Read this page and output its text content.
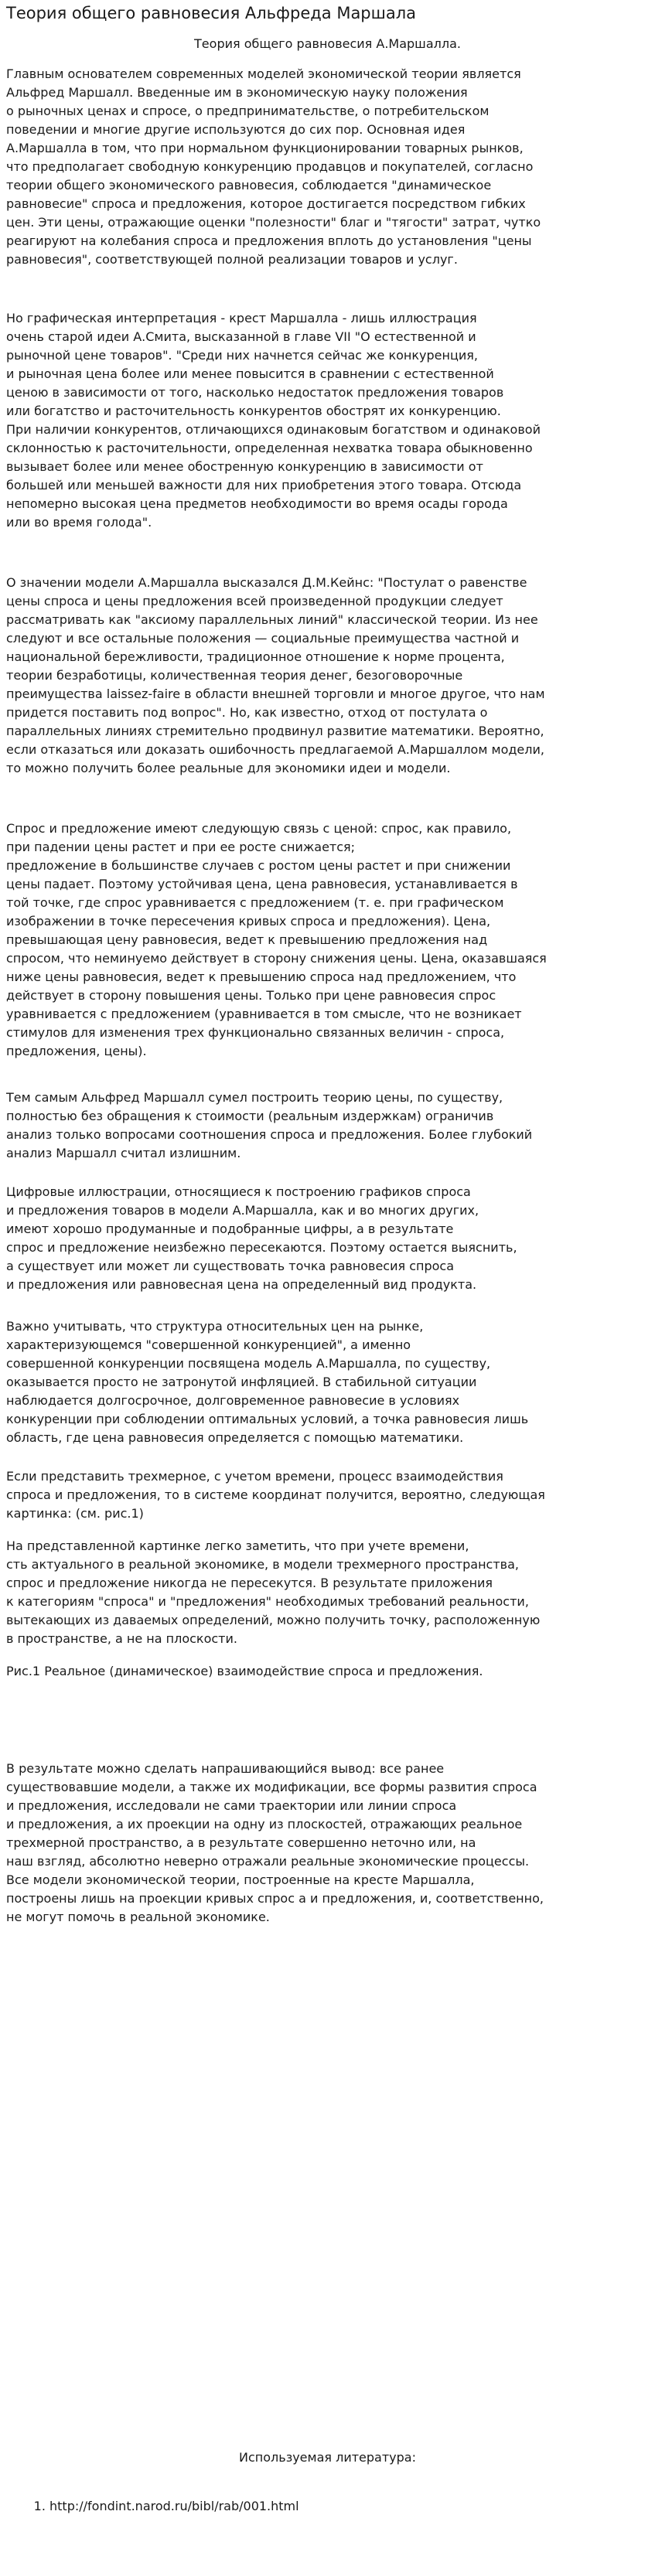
Теория общего равновесия Альфреда Маршала
Теория общего равновесия А.Маршалла.

Главным основателем современных моделей экономической теории является
Альфред Маршалл. Введенные им в экономическую науку положения
о рыночных ценах и спросе, о предпринимательстве, о потребительском
поведении и многие другие используются до сих пор. Основная идея
А.Маршалла в том, что при нормальном функционировании товарных рынков,
что предполагает свободную конкуренцию продавцов и покупателей, согласно
теории общего экономического равновесия, соблюдается "динамическое
равновесие" спроса и предложения, которое достигается посредством гибких
цен. Эти цены, отражающие оценки "полезности" благ и "тягости" затрат, чутко
реагируют на колебания спроса и предложения вплоть до установления "цены
равновесия", соответствующей полной реализации товаров и услуг.

Но графическая интерпретация - крест Маршалла - лишь иллюстрация
очень старой идеи А.Смита, высказанной в главе VII "О естественной и
рыночной цене товаров". "Среди них начнется сейчас же конкуренция,
и рыночная цена более или менее повысится в сравнении с естественной
ценою в зависимости от того, насколько недостаток предложения товаров
или богатство и расточительность конкурентов обострят их конкуренцию.
При наличии конкурентов, отличающихся одинаковым богатством и одинаковой
склонностью к расточительности, определенная нехватка товара обыкновенно
вызывает более или менее обостренную конкуренцию в зависимости от
большей или меньшей важности для них приобретения этого товара. Отсюда
непомерно высокая цена предметов необходимости во время осады города
или во время голода".

О значении модели А.Маршалла высказался Д.М.Кейнс: "Постулат о равенстве
цены спроса и цены предложения всей произведенной продукции следует
рассматривать как "аксиому параллельных линий" классической теории. Из нее
следуют и все остальные положения — социальные преимущества частной и
национальной бережливости, традиционное отношение к норме процента,
теории безработицы, количественная теория денег, безоговорочные
преимущества laissez-faire в области внешней торговли и многое другое, что нам
придется поставить под вопрос". Но, как известно, отход от постулата о
параллельных линиях стремительно продвинул развитие математики. Вероятно,
если отказаться или доказать ошибочность предлагаемой А.Маршаллом модели,
то можно получить более реальные для экономики идеи и модели.

Спрос и предложение имеют следующую связь с ценой: спрос, как правило,
при падении цены растет и при ее росте снижается;
предложение в большинстве случаев с ростом цены растет и при снижении
цены падает. Поэтому устойчивая цена, цена равновесия, устанавливается в
той точке, где спрос уравнивается с предложением (т. е. при графическом
изображении в точке пересечения кривых спроса и предложения). Цена,
превышающая цену равновесия, ведет к превышению предложения над
спросом, что неминуемо действует в сторону снижения цены. Цена, оказавшаяся
ниже цены равновесия, ведет к превышению спроса над предложением, что
действует в сторону повышения цены. Только при цене равновесия спрос
уравнивается с предложением (уравнивается в том смысле, что не возникает
стимулов для изменения трех функционально связанных величин - спроса,
предложения, цены).

Тем самым Альфред Маршалл сумел построить теорию цены, по существу,
полностью без обращения к стоимости (реальным издержкам) ограничив
анализ только вопросами соотношения спроса и предложения. Более глубокий
анализ Маршалл считал излишним.

Цифровые иллюстрации, относящиеся к построению графиков спроса
и предложения товаров в модели А.Маршалла, как и во многих других,
имеют хорошо продуманные и подобранные цифры, а в результате
спрос и предложение неизбежно пересекаются. Поэтому остается выяснить,
а существует или может ли существовать точка равновесия спроса
и предложения или равновесная цена на определенный вид продукта.

Важно учитывать, что структура относительных цен на рынке,
характеризующемся "совершенной конкуренцией", а именно
совершенной конкуренции посвящена модель А.Маршалла, по существу,
оказывается просто не затронутой инфляцией. В стабильной ситуации
наблюдается долгосрочное, долговременное равновесие в условиях
конкуренции при соблюдении оптимальных условий, а точка равновесия лишь
область, где цена равновесия определяется с помощью математики.

Если представить трехмерное, с учетом времени, процесс взаимодействия
спроса и предложения, то в системе координат получится, вероятно, следующая
картинка: (см. рис.1)

На представленной картинке легко заметить, что при учете времени,
сть актуального в реальной экономике, в модели трехмерного пространства,
спрос и предложение никогда не пересекутся. В результате приложения
к категориям "спроса" и "предложения" необходимых требований реальности,
вытекающих из даваемых определений, можно получить точку, расположенную
в пространстве, а не на плоскости.

Рис.1 Реальное (динамическое) взаимодействие спроса и предложения.

В результате можно сделать напрашивающийся вывод: все ранее
существовавшие модели, а также их модификации, все формы развития спроса
и предложения, исследовали не сами траектории или линии спроса
и предложения, а их проекции на одну из плоскостей, отражающих реальное
трехмерной пространство, а в результате совершенно неточно или, на
наш взгляд, абсолютно неверно отражали реальные экономические процессы.
Все модели экономической теории, построенные на кресте Маршалла,
построены лишь на проекции кривых спрос а и предложения, и, соответственно,
не могут помочь в реальной экономике.

Используемая литература:
1. http://fondint.narod.ru/bibl/rab/001.html
